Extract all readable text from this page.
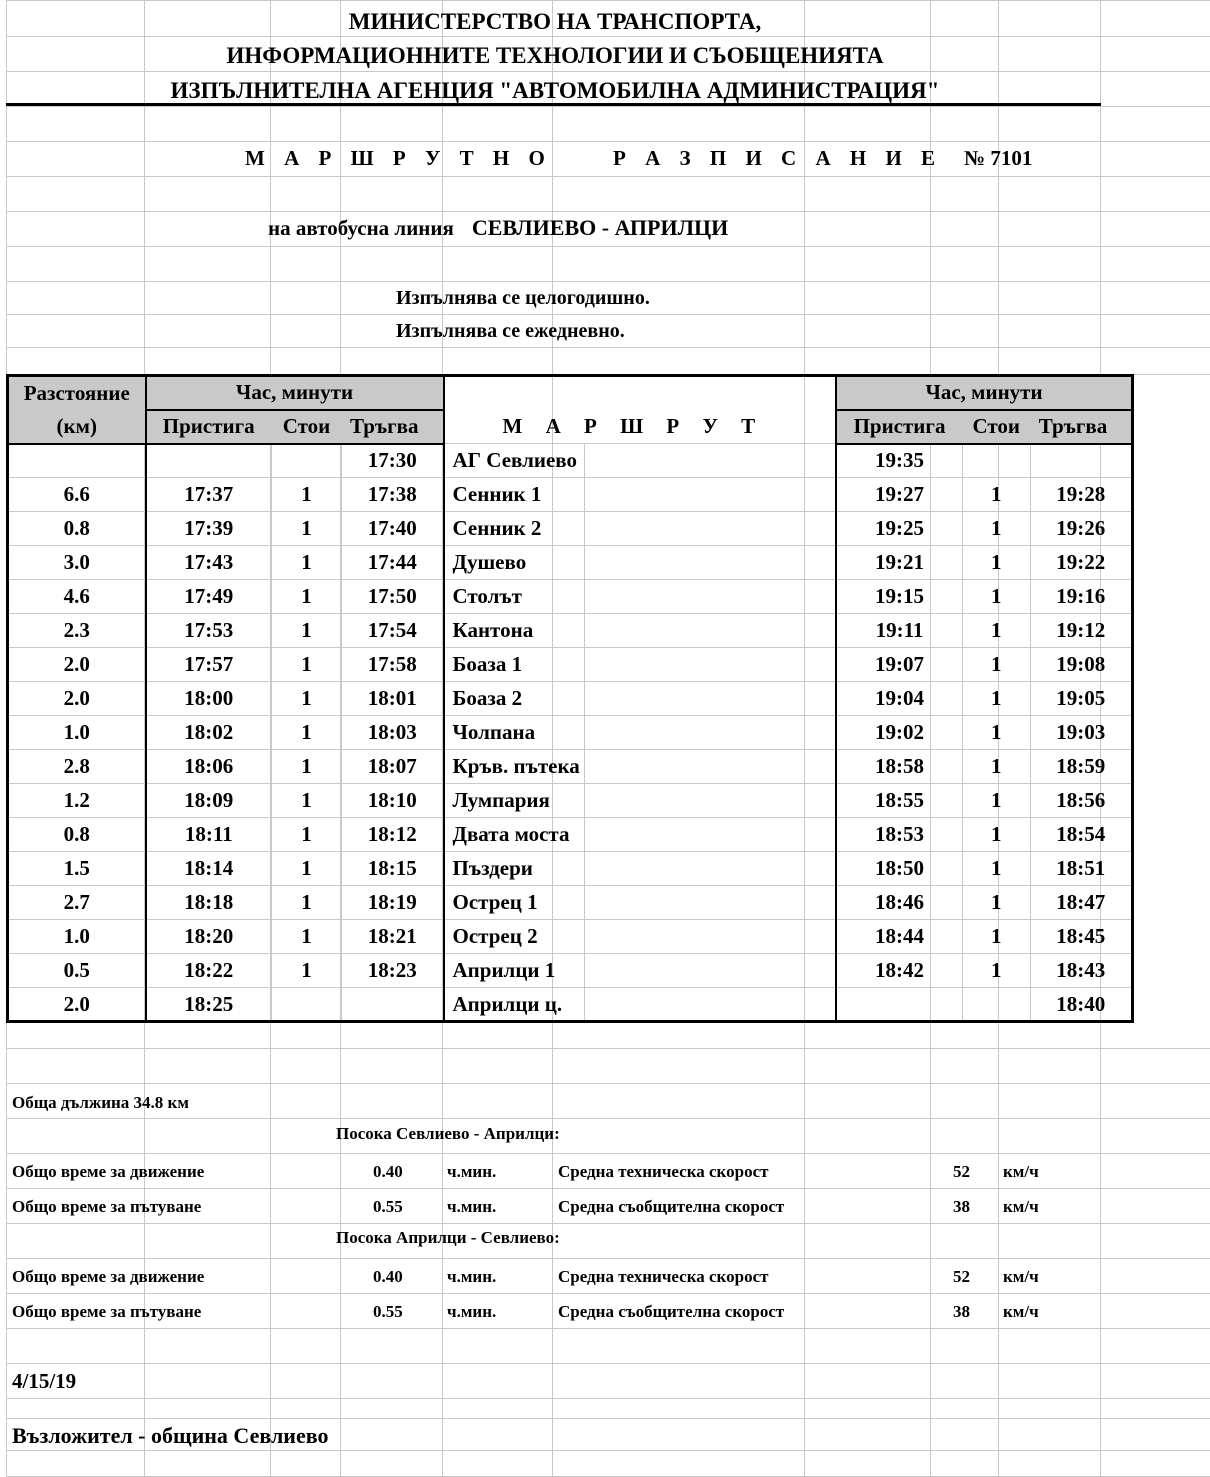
МИНИСТЕРСТВО НА ТРАНСПОРТА,
ИНФОРМАЦИОННИТЕ ТЕХНОЛОГИИ И СЪОБЩЕНИЯТА
ИЗПЪЛНИТЕЛНА АГЕНЦИЯ "АВТОМОБИЛНА АДМИНИСТРАЦИЯ"
М А Р Ш Р У Т Н О     Р А З П И С А Н И Е № 7101
на автобусна линия СЕВЛИЕВО - АПРИЛЦИ
Изпълнява се целогодишно.
Изпълнява се ежедневно.
Разстояние	Час, минути			М А Р Ш Р У Т		Час, минути		
(км)	Пристига	Стои	Тръгва			Пристига	Стои	Тръгва
			17:30	АГ Севлиево		19:35		
6.6	17:37	1	17:38	Сенник 1		19:27	1	19:28
0.8	17:39	1	17:40	Сенник 2		19:25	1	19:26
3.0	17:43	1	17:44	Душево		19:21	1	19:22
4.6	17:49	1	17:50	Столът		19:15	1	19:16
2.3	17:53	1	17:54	Кантона		19:11	1	19:12
2.0	17:57	1	17:58	Боаза 1		19:07	1	19:08
2.0	18:00	1	18:01	Боаза 2		19:04	1	19:05
1.0	18:02	1	18:03	Чолпана		19:02	1	19:03
2.8	18:06	1	18:07	Кръв. пътека		18:58	1	18:59
1.2	18:09	1	18:10	Лумпария		18:55	1	18:56
0.8	18:11	1	18:12	Двата моста		18:53	1	18:54
1.5	18:14	1	18:15	Пъздери		18:50	1	18:51
2.7	18:18	1	18:19	Острец 1		18:46	1	18:47
1.0	18:20	1	18:21	Острец 2		18:44	1	18:45
0.5	18:22	1	18:23	Априлци 1		18:42	1	18:43
2.0	18:25			Априлци ц.				18:40
Обща дължина 34.8 км
Посока Севлиево - Априлци:
Общо време за движение	0.40	ч.мин.	Средна техническа скорост	52 км/ч
Общо време за пътуване	0.55	ч.мин.	Средна съобщителна скорост	38 км/ч
Посока Априлци - Севлиево:
Общо време за движение	0.40	ч.мин.	Средна техническа скорост	52 км/ч
Общо време за пътуване	0.55	ч.мин.	Средна съобщителна скорост	38 км/ч
4/15/19
Възложител - община Севлиево
